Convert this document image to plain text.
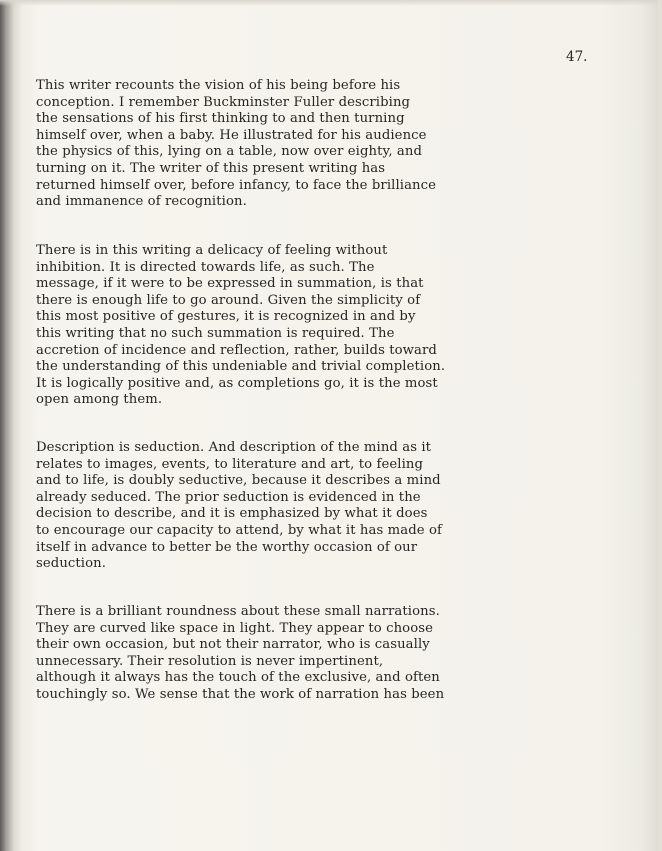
47.
This writer recounts the vision of his being before his
conception. I remember Buckminster Fuller describing
the sensations of his first thinking to and then turning
himself over, when a baby. He illustrated for his audience
the physics of this, lying on a table, now over eighty, and
turning on it. The writer of this present writing has
returned himself over, before infancy, to face the brilliance
and immanence of recognition.
There is in this writing a delicacy of feeling without
inhibition. It is directed towards life, as such. The
message, if it were to be expressed in summation, is that
there is enough life to go around. Given the simplicity of
this most positive of gestures, it is recognized in and by
this writing that no such summation is required. The
accretion of incidence and reflection, rather, builds toward
the understanding of this undeniable and trivial completion.
It is logically positive and, as completions go, it is the most
open among them.
Description is seduction. And description of the mind as it
relates to images, events, to literature and art, to feeling
and to life, is doubly seductive, because it describes a mind
already seduced. The prior seduction is evidenced in the
decision to describe, and it is emphasized by what it does
to encourage our capacity to attend, by what it has made of
itself in advance to better be the worthy occasion of our
seduction.
There is a brilliant roundness about these small narrations.
They are curved like space in light. They appear to choose
their own occasion, but not their narrator, who is casually
unnecessary. Their resolution is never impertinent,
although it always has the touch of the exclusive, and often
touchingly so. We sense that the work of narration has been
